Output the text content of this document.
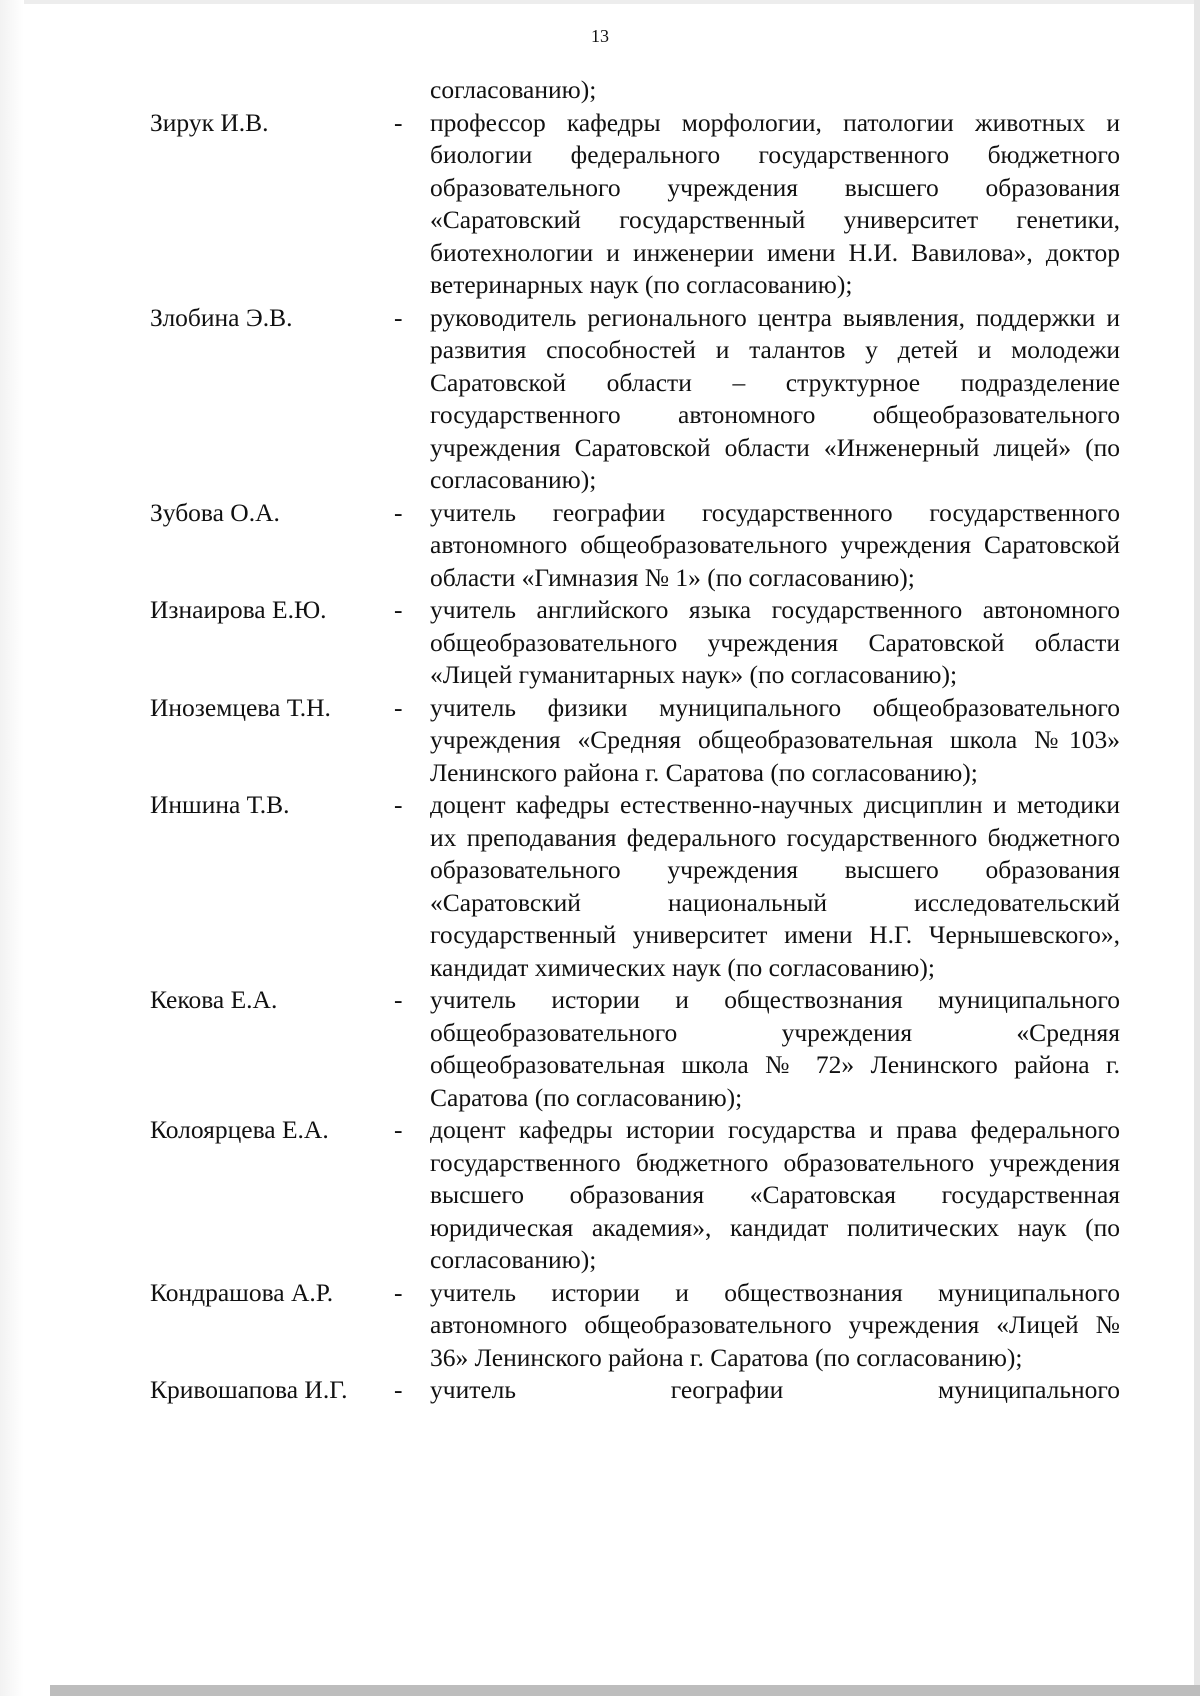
13
согласованию);
Зирук И.В.	-	профессор кафедры морфологии, патологии животных и биологии федерального государственного бюджетного образовательного учреждения высшего образования «Саратовский государственный университет генетики, биотехнологии и инженерии имени Н.И. Вавилова», доктор ветеринарных наук (по согласованию);
Злобина Э.В.	-	руководитель регионального центра выявления, поддержки и развития способностей и талантов у детей и молодежи Саратовской области – структурное подразделение государственного автономного общеобразовательного учреждения Саратовской области «Инженерный лицей» (по согласованию);
Зубова О.А.	-	учитель географии государственного государственного автономного общеобразовательного учреждения Саратовской области «Гимназия № 1» (по согласованию);
Изнаирова Е.Ю.	-	учитель английского языка государственного автономного общеобразовательного учреждения Саратовской области «Лицей гуманитарных наук» (по согласованию);
Иноземцева Т.Н.	-	учитель физики муниципального общеобразовательного учреждения «Средняя общеобразовательная школа №103» Ленинского района г. Саратова (по согласованию);
Иншина Т.В.	-	доцент кафедры естественно-научных дисциплин и методики их преподавания федерального государственного бюджетного образовательного учреждения высшего образования «Саратовский национальный исследовательский государственный университет имени Н.Г. Чернышевского», кандидат химических наук (по согласованию);
Кекова Е.А.	-	учитель истории и обществознания муниципального общеобразовательного учреждения «Средняя общеобразовательная школа № 72» Ленинского района г. Саратова (по согласованию);
Колоярцева Е.А.	-	доцент кафедры истории государства и права федерального государственного бюджетного образовательного учреждения высшего образования «Саратовская государственная юридическая академия», кандидат политических наук (по согласованию);
Кондрашова А.Р.	-	учитель истории и обществознания муниципального автономного общеобразовательного учреждения «Лицей № 36» Ленинского района г. Саратова (по согласованию);
Кривошапова И.Г.	-	учитель географии муниципального
